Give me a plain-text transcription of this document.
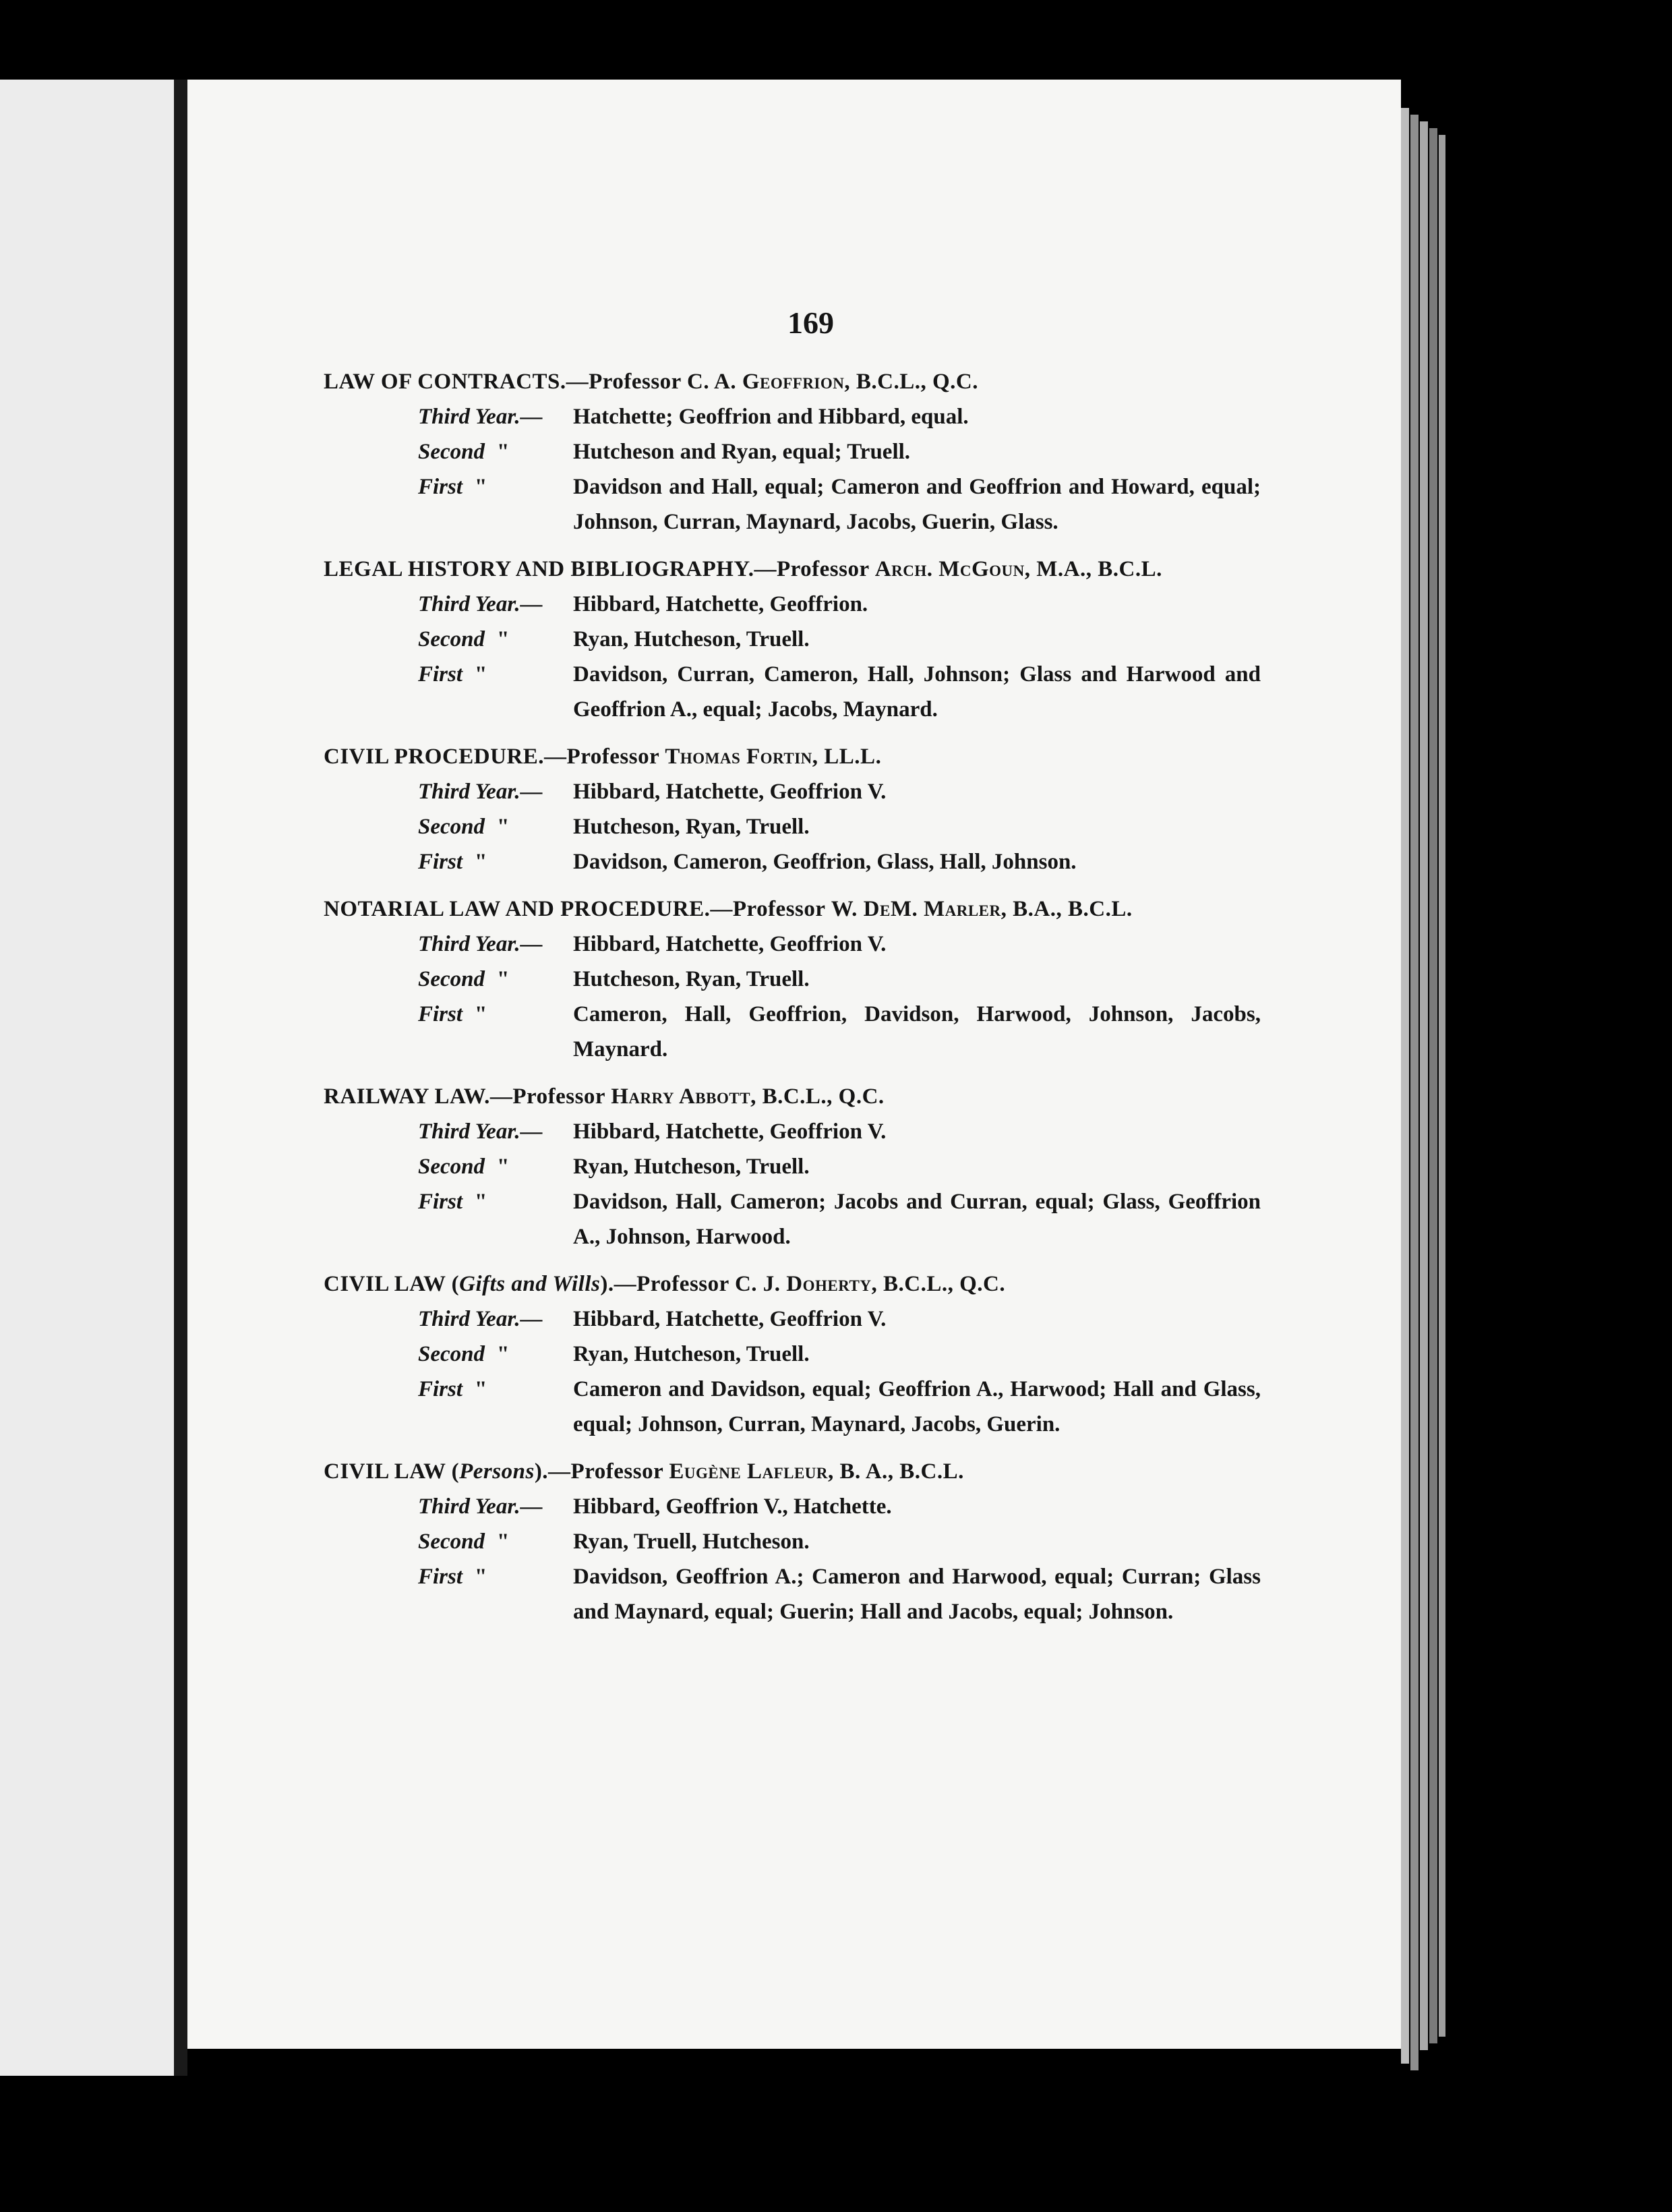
169
LAW OF CONTRACTS.—Professor C. A. Geoffrion, B.C.L., Q.C.
Third Year.—	Hatchette; Geoffrion and Hibbard, equal.
Second "	Hutcheson and Ryan, equal; Truell.
First "	Davidson and Hall, equal; Cameron and Geoffrion and Howard, equal; Johnson, Curran, Maynard, Jacobs, Guerin, Glass.
LEGAL HISTORY AND BIBLIOGRAPHY.—Professor Arch. McGoun, M.A., B.C.L.
Third Year.—	Hibbard, Hatchette, Geoffrion.
Second "	Ryan, Hutcheson, Truell.
First "	Davidson, Curran, Cameron, Hall, Johnson; Glass and Harwood and Geoffrion A., equal; Jacobs, Maynard.
CIVIL PROCEDURE.—Professor Thomas Fortin, LL.L.
Third Year.—	Hibbard, Hatchette, Geoffrion V.
Second "	Hutcheson, Ryan, Truell.
First "	Davidson, Cameron, Geoffrion, Glass, Hall, Johnson.
NOTARIAL LAW AND PROCEDURE.—Professor W. DeM. Marler, B.A., B.C.L.
Third Year.—	Hibbard, Hatchette, Geoffrion V.
Second "	Hutcheson, Ryan, Truell.
First "	Cameron, Hall, Geoffrion, Davidson, Harwood, Johnson, Jacobs, Maynard.
RAILWAY LAW.—Professor Harry Abbott, B.C.L., Q.C.
Third Year.—	Hibbard, Hatchette, Geoffrion V.
Second "	Ryan, Hutcheson, Truell.
First "	Davidson, Hall, Cameron; Jacobs and Curran, equal; Glass, Geoffrion A., Johnson, Harwood.
CIVIL LAW (Gifts and Wills).—Professor C. J. Doherty, B.C.L., Q.C.
Third Year.—	Hibbard, Hatchette, Geoffrion V.
Second "	Ryan, Hutcheson, Truell.
First "	Cameron and Davidson, equal; Geoffrion A., Harwood; Hall and Glass, equal; Johnson, Curran, Maynard, Jacobs, Guerin.
CIVIL LAW (Persons).—Professor Eugène Lafleur, B. A., B.C.L.
Third Year.—	Hibbard, Geoffrion V., Hatchette.
Second "	Ryan, Truell, Hutcheson.
First "	Davidson, Geoffrion A.; Cameron and Harwood, equal; Curran; Glass and Maynard, equal; Guerin; Hall and Jacobs, equal; Johnson.
